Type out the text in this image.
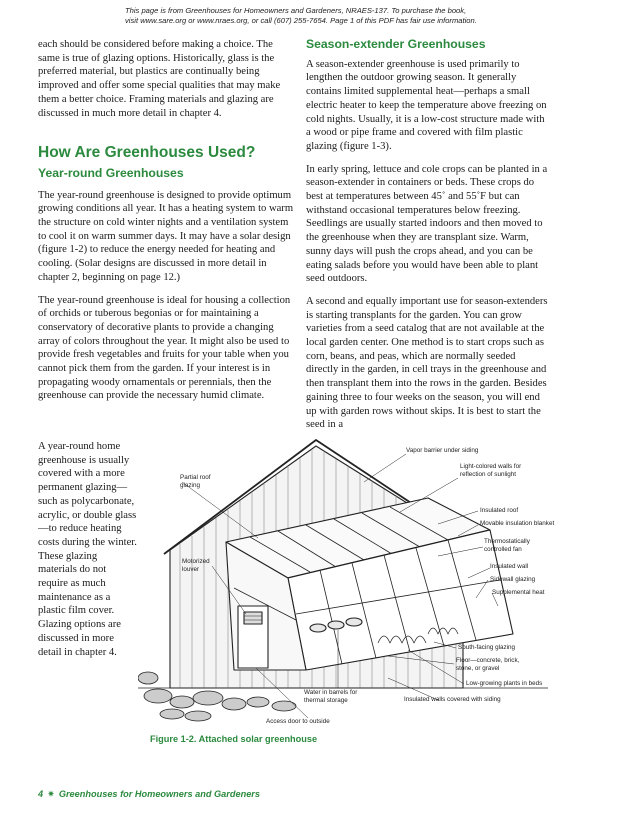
This page is from Greenhouses for Homeowners and Gardeners, NRAES-137. To purchase the book,
visit www.sare.org or www.nraes.org, or call (607) 255-7654. Page 1 of this PDF has fair use information.

each should be considered before making a choice. The same is true of glazing options. Historically, glass is the preferred material, but plastics are continually being improved and offer some special qualities that may make them a better choice. Framing materials and glazing are discussed in much more detail in chapter 4.

How Are Greenhouses Used?
Year-round Greenhouses

The year-round greenhouse is designed to provide optimum growing conditions all year. It has a heating system to warm the structure on cold winter nights and a ventilation system to cool it on warm summer days. It may have a solar design (figure 1-2) to reduce the energy needed for heating and cooling. (Solar designs are discussed in more detail in chapter 2, beginning on page 12.)

The year-round greenhouse is ideal for housing a collection of orchids or tuberous begonias or for maintaining a conservatory of decorative plants to provide a changing array of colors throughout the year. It might also be used to provide fresh vegetables and fruits for your table when you cannot pick them from the garden. If your interest is in propagating woody ornamentals or perennials, then the greenhouse can provide the necessary humid climate.

Season-extender Greenhouses

A season-extender greenhouse is used primarily to lengthen the outdoor growing season. It generally contains limited supplemental heat—perhaps a small electric heater to keep the temperature above freezing on cold nights. Usually, it is a low-cost structure made with a wood or pipe frame and covered with film plastic glazing (figure 1-3).

In early spring, lettuce and cole crops can be planted in a season-extender in containers or beds. These crops do best at temperatures between 45˚ and 55˚F but can withstand occasional temperatures below freezing. Seedlings are usually started indoors and then moved to the greenhouse when they are transplant size. Warm, sunny days will push the crops ahead, and you can be eating salads before you would have been able to plant seed outdoors.

A second and equally important use for season-extenders is starting transplants for the garden. You can grow varieties from a seed catalog that are not available at the local garden center. One method is to start crops such as corn, beans, and peas, which are normally seeded directly in the garden, in cell trays in the greenhouse and then transplant them into the rows in the garden. Besides gaining three to four weeks on the season, you will end up with garden rows without skips. It is best to start the seed in a

A year-round home greenhouse is usually covered with a more permanent glazing—such as polycarbonate, acrylic, or double glass—to reduce heating costs during the winter. These glazing materials do not require as much maintenance as a plastic film cover. Glazing options are discussed in more detail in chapter 4.

Vapor barrier under siding
Light-colored walls for
reflection of sunlight
Partial roof
glazing
Insulated roof
Movable insulation blanket
Thermostatically
controlled fan
Motorized
louver	Insulated wall
Sidewall glazing
Supplemental heat
South-facing glazing
Floor—concrete, brick,
stone, or gravel
Low-growing plants in beds
Water in barrels for
thermal storage	Insulated walls covered with siding
Access door to outside
Figure 1-2. Attached solar greenhouse
4 ✷ Greenhouses for Homeowners and Gardeners
